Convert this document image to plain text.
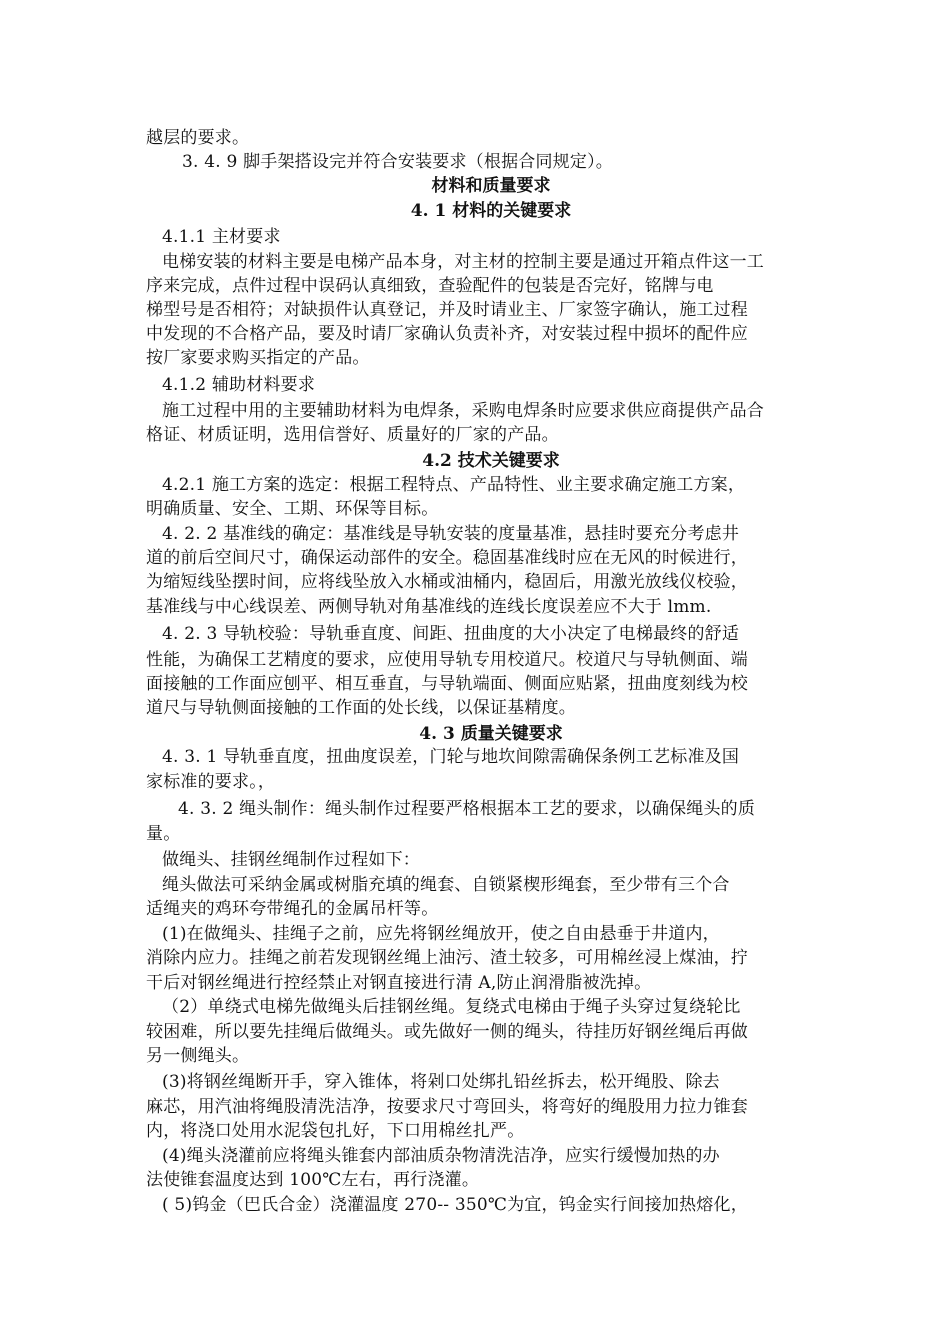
越层的要求。
3. 4. 9 脚手架搭设完并符合安装要求（根据合同规定）。
材料和质量要求
4. 1 材料的关键要求
4.1.1 主材要求
电梯安装的材料主要是电梯产品本身，对主材的控制主要是通过开箱点件这一工
序来完成，点件过程中误码认真细致，查验配件的包装是否完好，铭牌与电
梯型号是否相符；对缺损件认真登记，并及时请业主、厂家签字确认，施工过程
中发现的不合格产品，要及时请厂家确认负责补齐，对安装过程中损坏的配件应
按厂家要求购买指定的产品。
4.1.2 辅助材料要求
施工过程中用的主要辅助材料为电焊条，采购电焊条时应要求供应商提供产品合
格证、材质证明，选用信誉好、质量好的厂家的产品。
4.2 技术关键要求
4.2.1 施工方案的选定：根据工程特点、产品特性、业主要求确定施工方案，
明确质量、安全、工期、环保等目标。
4. 2. 2 基准线的确定：基准线是导轨安装的度量基准，悬挂时要充分考虑井
道的前后空间尺寸，确保运动部件的安全。稳固基准线时应在无风的时候进行，
为缩短线坠摆时间，应将线坠放入水桶或油桶内，稳固后，用激光放线仪校验，
基准线与中心线误差、两侧导轨对角基准线的连线长度误差应不大于 lmm.
4. 2. 3 导轨校验：导轨垂直度、间距、扭曲度的大小决定了电梯最终的舒适
性能，为确保工艺精度的要求，应使用导轨专用校道尺。校道尺与导轨侧面、端
面接触的工作面应刨平、相互垂直，与导轨端面、侧面应贴紧，扭曲度刻线为校
道尺与导轨侧面接触的工作面的处长线，以保证基精度。
4. 3 质量关键要求
4. 3. 1 导轨垂直度，扭曲度误差，门轮与地坎间隙需确保条例工艺标准及国
家标准的要求。，
4. 3. 2 绳头制作：绳头制作过程要严格根据本工艺的要求，以确保绳头的质
量。
做绳头、挂钢丝绳制作过程如下：
绳头做法可采纳金属或树脂充填的绳套、自锁紧楔形绳套，至少带有三个合
适绳夹的鸡环夸带绳孔的金属吊杆等。
(1)在做绳头、挂绳子之前，应先将钢丝绳放开，使之自由悬垂于井道内，
消除内应力。挂绳之前若发现钢丝绳上油污、渣土较多，可用棉丝浸上煤油，拧
干后对钢丝绳进行控经禁止对钢直接进行清 A,防止润滑脂被洗掉。
（2）单绕式电梯先做绳头后挂钢丝绳。复绕式电梯由于绳子头穿过复绕轮比
较困难，所以要先挂绳后做绳头。或先做好一侧的绳头，待挂历好钢丝绳后再做
另一侧绳头。
(3)将钢丝绳断开手，穿入锥体，将剁口处绑扎铅丝拆去，松开绳股、除去
麻芯，用汽油将绳股清洗洁净，按要求尺寸弯回头，将弯好的绳股用力拉力锥套
内，将浇口处用水泥袋包扎好，下口用棉丝扎严。
(4)绳头浇灌前应将绳头锥套内部油质杂物清洗洁净，应实行缓慢加热的办
法使锥套温度达到 100℃左右，再行浇灌。
( 5)钨金（巴氏合金）浇灌温度 270-- 350℃为宜，钨金实行间接加热熔化，
